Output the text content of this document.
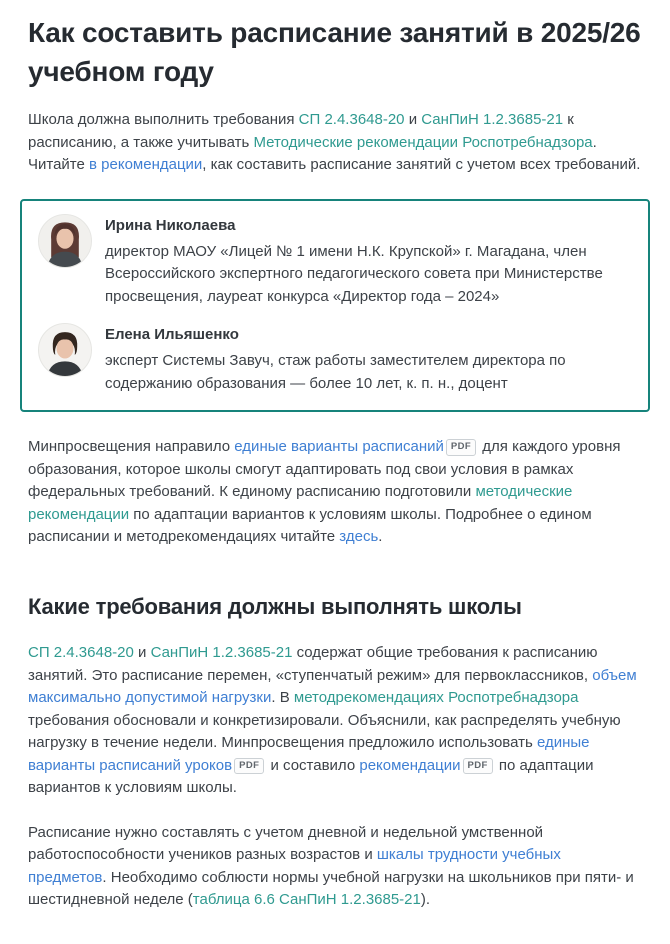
Как составить расписание занятий в 2025/26 учебном году

Школа должна выполнить требования СП 2.4.3648-20 и СанПиН 1.2.3685-21 к расписанию, а также учитывать Методические рекомендации Роспотребнадзора.
Читайте в рекомендации, как составить расписание занятий с учетом всех требований.

Ирина Николаева
директор МАОУ «Лицей № 1 имени Н.К. Крупской» г. Магадана, член Всероссийского экспертного педагогического совета при Министерстве просвещения, лауреат конкурса «Директор года – 2024»
Елена Ильяшенко
эксперт Системы Завуч, стаж работы заместителем директора по содержанию образования — более 10 лет, к. п. н., доцент

Минпросвещения направило единые варианты расписаний PDF для каждого уровня образования, которое школы смогут адаптировать под свои условия в рамках федеральных требований. К единому расписанию подготовили методические рекомендации по адаптации вариантов к условиям школы. Подробнее о едином расписании и методрекомендациях читайте здесь.

Какие требования должны выполнять школы

СП 2.4.3648-20 и СанПиН 1.2.3685-21 содержат общие требования к расписанию занятий. Это расписание перемен, «ступенчатый режим» для первоклассников, объем максимально допустимой нагрузки. В методрекомендациях Роспотребнадзора требования обосновали и конкретизировали. Объяснили, как распределять учебную нагрузку в течение недели. Минпросвещения предложило использовать единые варианты расписаний уроков PDF и составило рекомендации PDF по адаптации вариантов к условиям школы.

Расписание нужно составлять с учетом дневной и недельной умственной работоспособности учеников разных возрастов и шкалы трудности учебных предметов. Необходимо соблюсти нормы учебной нагрузки на школьников при пяти- и шестидневной неделе (таблица 6.6 СанПиН 1.2.3685-21).
